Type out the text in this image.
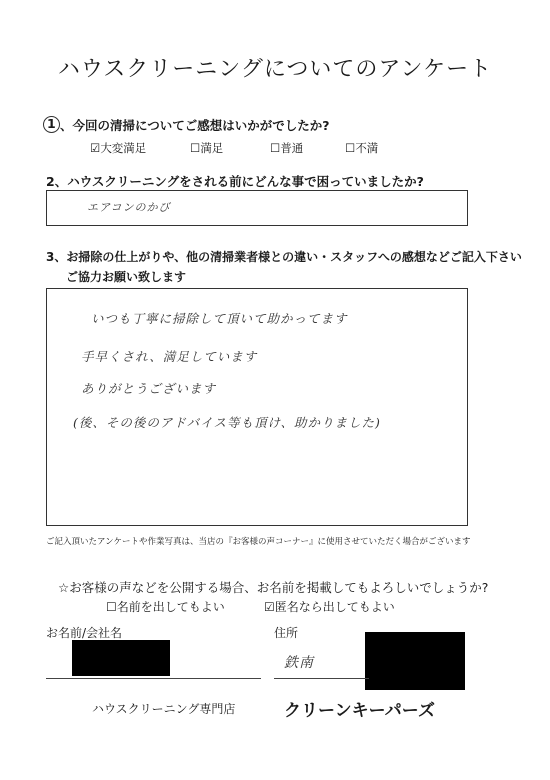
ハウスクリーニングについてのアンケート
1 、今回の清掃についてご感想はいかがでしたか?
☑大変満足	☐満足	☐普通	☐不満
2、ハウスクリーニングをされる前にどんな事で困っていましたか?
エアコンのかび
3、お掃除の仕上がりや、他の清掃業者様との違い・スタッフへの感想などご記入下さい
ご協力お願い致します
いつも丁寧に掃除して頂いて助かってます
手早くされ、満足しています
ありがとうございます
(後、その後のアドバイス等も頂け、助かりました)
ご記入頂いたアンケートや作業写真は、当店の『お客様の声コーナー』に使用させていただく場合がございます
☆お客様の声などを公開する場合、お名前を掲載してもよろしいでしょうか?
☐名前を出してもよい	☑匿名なら出してもよい
お名前/会社名	住所
鉄南
ハウスクリーニング専門店	クリーンキーパーズ
